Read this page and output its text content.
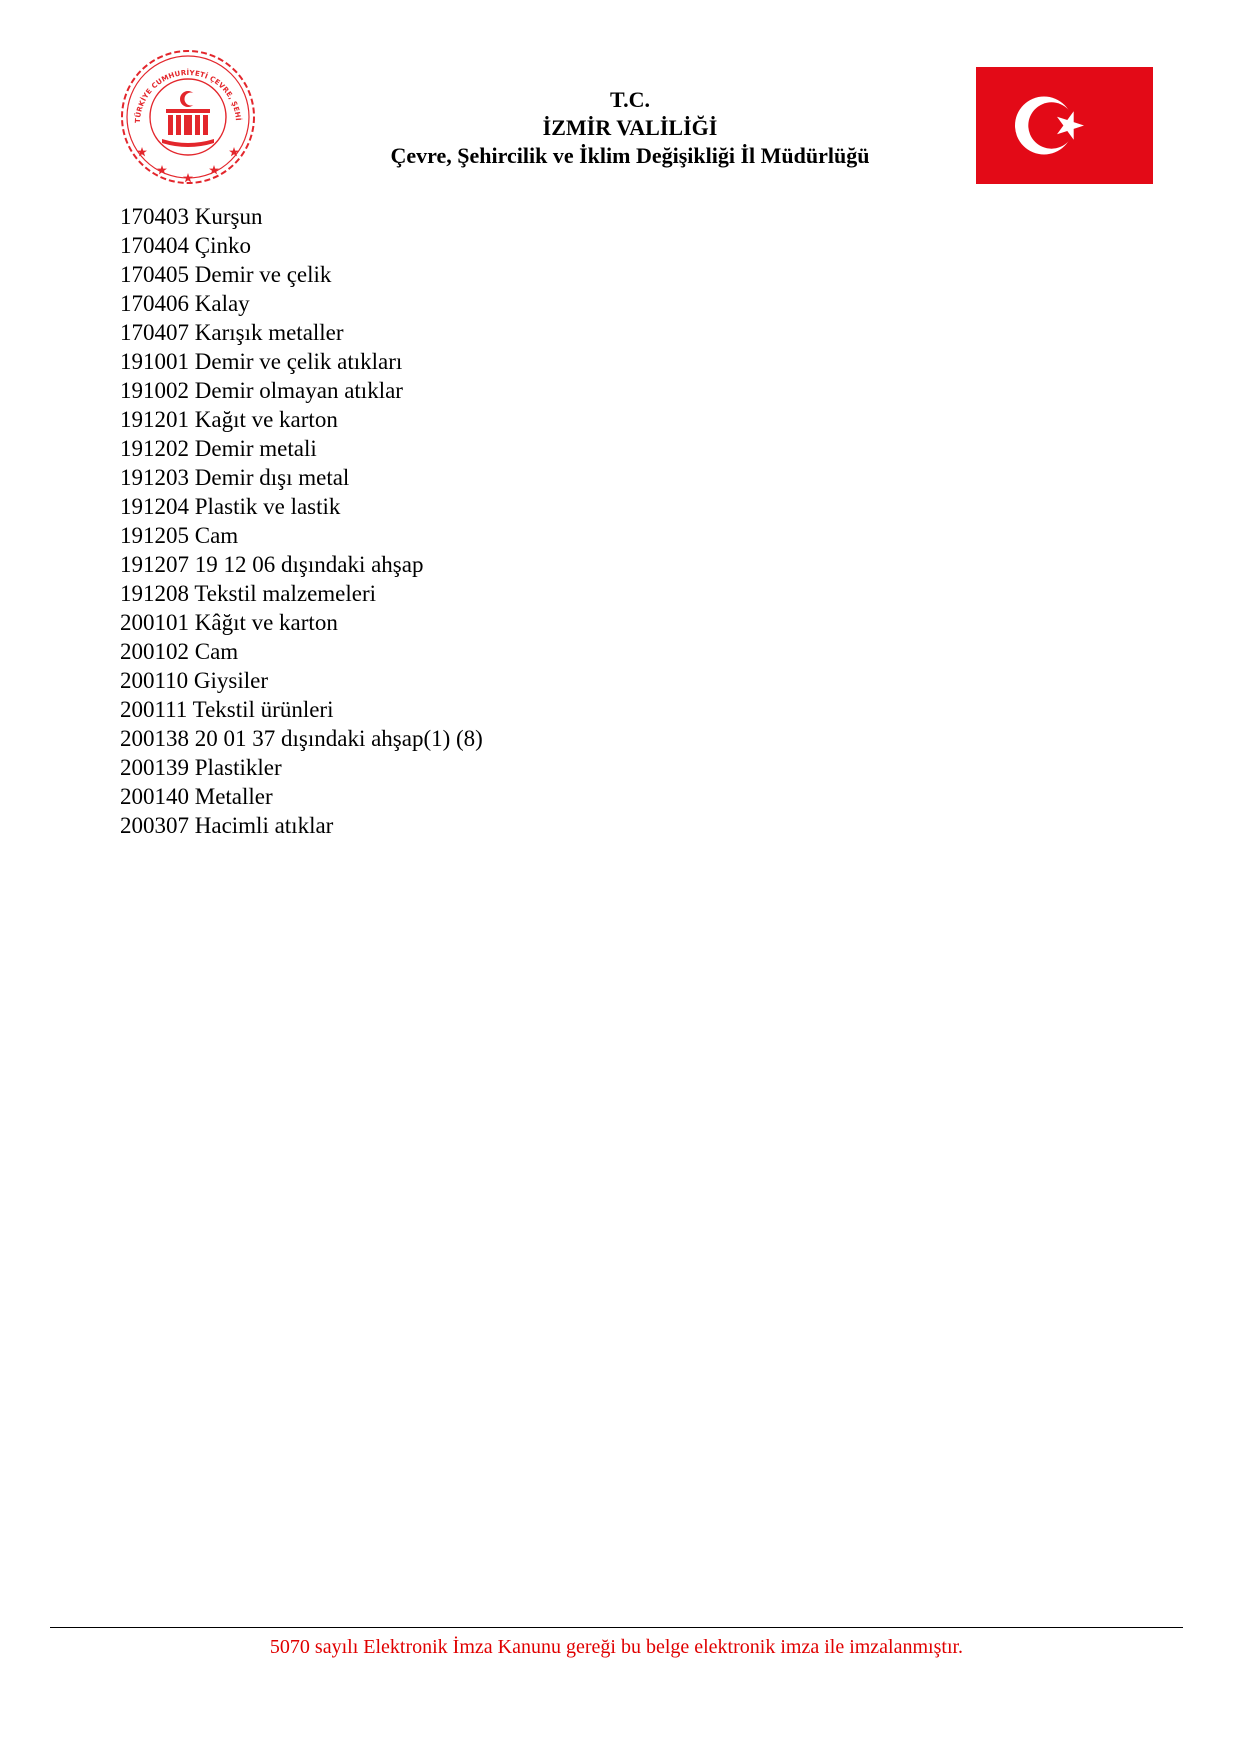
TÜRKİYE CUMHURİYETİ ÇEVRE, ŞEHİ
T.C.
İZMİR VALİLİĞİ
Çevre, Şehircilik ve İklim Değişikliği İl Müdürlüğü
170403 Kurşun
170404 Çinko
170405 Demir ve çelik
170406 Kalay
170407 Karışık metaller
191001 Demir ve çelik atıkları
191002 Demir olmayan atıklar
191201 Kağıt ve karton
191202 Demir metali
191203 Demir dışı metal
191204 Plastik ve lastik
191205 Cam
191207 19 12 06 dışındaki ahşap
191208 Tekstil malzemeleri
200101 Kâğıt ve karton
200102 Cam
200110 Giysiler
200111 Tekstil ürünleri
200138 20 01 37 dışındaki ahşap(1) (8)
200139 Plastikler
200140 Metaller
200307 Hacimli atıklar
5070 sayılı Elektronik İmza Kanunu gereği bu belge elektronik imza ile imzalanmıştır.
